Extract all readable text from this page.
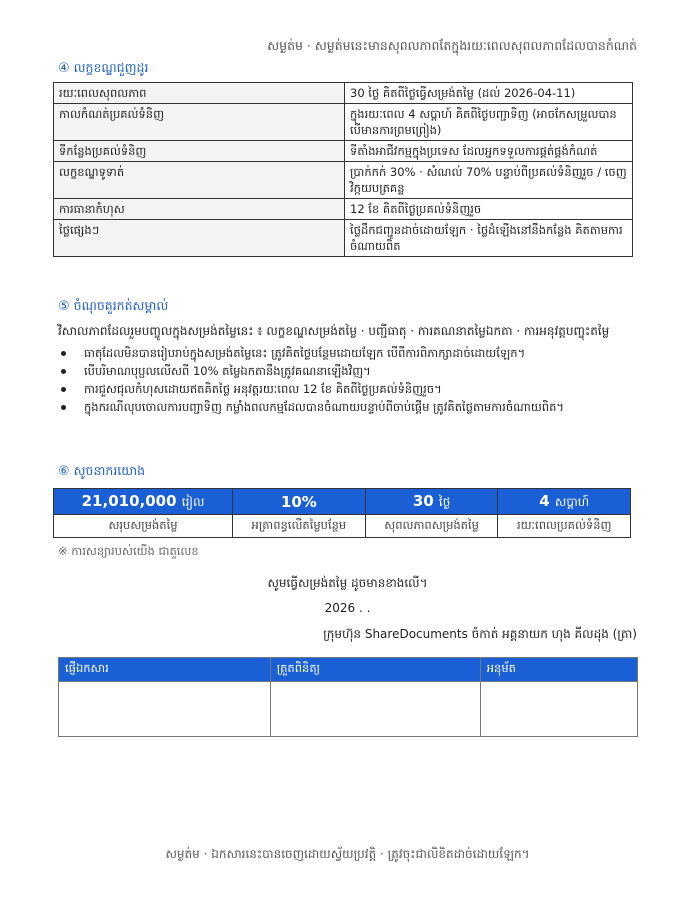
សម្ងត់ម · សម្ងត់មនេះមានសុពលភាពតែក្នុងរយៈពេលសុពលភាពដែលបានកំណត់
④ លក្ខខណ្ឌជួញដូរ
រយៈពេលសុពលភាព	30 ថ្ងៃ គិតពីថ្ងៃធ្វើសម្រង់តម្លៃ (ដល់ 2026-04-11)
កាលកំណត់ប្រគល់ទំនិញ	ក្នុងរយៈពេល 4 សប្តាហ៍ គិតពីថ្ងៃបញ្ជាទិញ (អាចកែសម្រួលបាន បើមានការព្រមព្រៀង)
ទីកន្លែងប្រគល់ទំនិញ	ទីតាំងអាជីវកម្មក្នុងប្រទេស ដែលអ្នកទទួលការផ្គត់ផ្គង់កំណត់
លក្ខខណ្ឌទូទាត់	ប្រាក់កក់ 30% · សំណល់ 70% បន្ទាប់ពីប្រគល់ទំនិញរួច / ចេញវិក្កយបត្រគន្ល
ការធានាកំហុស	12 ខែ គិតពីថ្ងៃប្រគល់ទំនិញរួច
ថ្លៃផ្សេងៗ	ថ្លៃដឹកជញ្ជូនដាច់ដោយឡែក · ថ្លៃដំឡើងនៅនឹងកន្លែង គិតតាមការចំណាយពិត
⑤ ចំណុចគួរកត់សម្គាល់
វិសាលភាពដែលរួមបញ្ចូលក្នុងសម្រង់តម្លៃនេះ ៖ លក្ខខណ្ឌសម្រង់តម្លៃ · បញ្ជីធាតុ · ការគណនាតម្លៃឯកតា · ការអនុវត្តបញ្ចុះតម្លៃ
ធាតុដែលមិនបានរៀបរាប់ក្នុងសម្រង់តម្លៃនេះ ត្រូវគិតថ្លៃបន្ថែមដោយឡែក បើពីការពិភាក្សាដាច់ដោយឡែក។
បើបរិមាណបុប្ផលលើសពី 10% តម្លៃឯកតានឹងត្រូវគណនាឡើងវិញ។
ការជួសជុលកំហុសដោយឥតគិតថ្លៃ អនុវត្តរយៈពេល 12 ខែ គិតពីថ្ងៃប្រគល់ទំនិញរួច។
ក្នុងករណីលុបចោលការបញ្ជាទិញ កម្លាំងពលកម្មដែលបានចំណាយបន្ទាប់ពីចាប់ផ្តើម ត្រូវគិតថ្លៃតាមការចំណាយពិត។
⑥ សូចនាករយោង
21,010,000 រៀល	10%	30 ថ្ងៃ	4 សប្តាហ៍
សរុបសម្រង់តម្លៃ	អត្រាពន្ធលើតម្លៃបន្ថែម	សុពលភាពសម្រង់តម្លៃ	រយៈពេលប្រគល់ទំនិញ
※ ការសន្យារបស់យើង ជាតួលេខ
សូមធ្វើសម្រង់តម្លៃ ដូចមានខាងលើ។
2026 . .
ក្រុមហ៊ុន ShareDocuments ចំកាត់ អគ្គនាយក ហុង គីលដុង (ត្រា)
ផ្ញើឯកសារ	ត្រួតពិនិត្យ	អនុម័ត

សម្ងត់ម · ឯកសារនេះបានចេញដោយស្វ័យប្រវត្តិ · ត្រូវចុះជាលិខិតដាច់ដោយឡែក។
